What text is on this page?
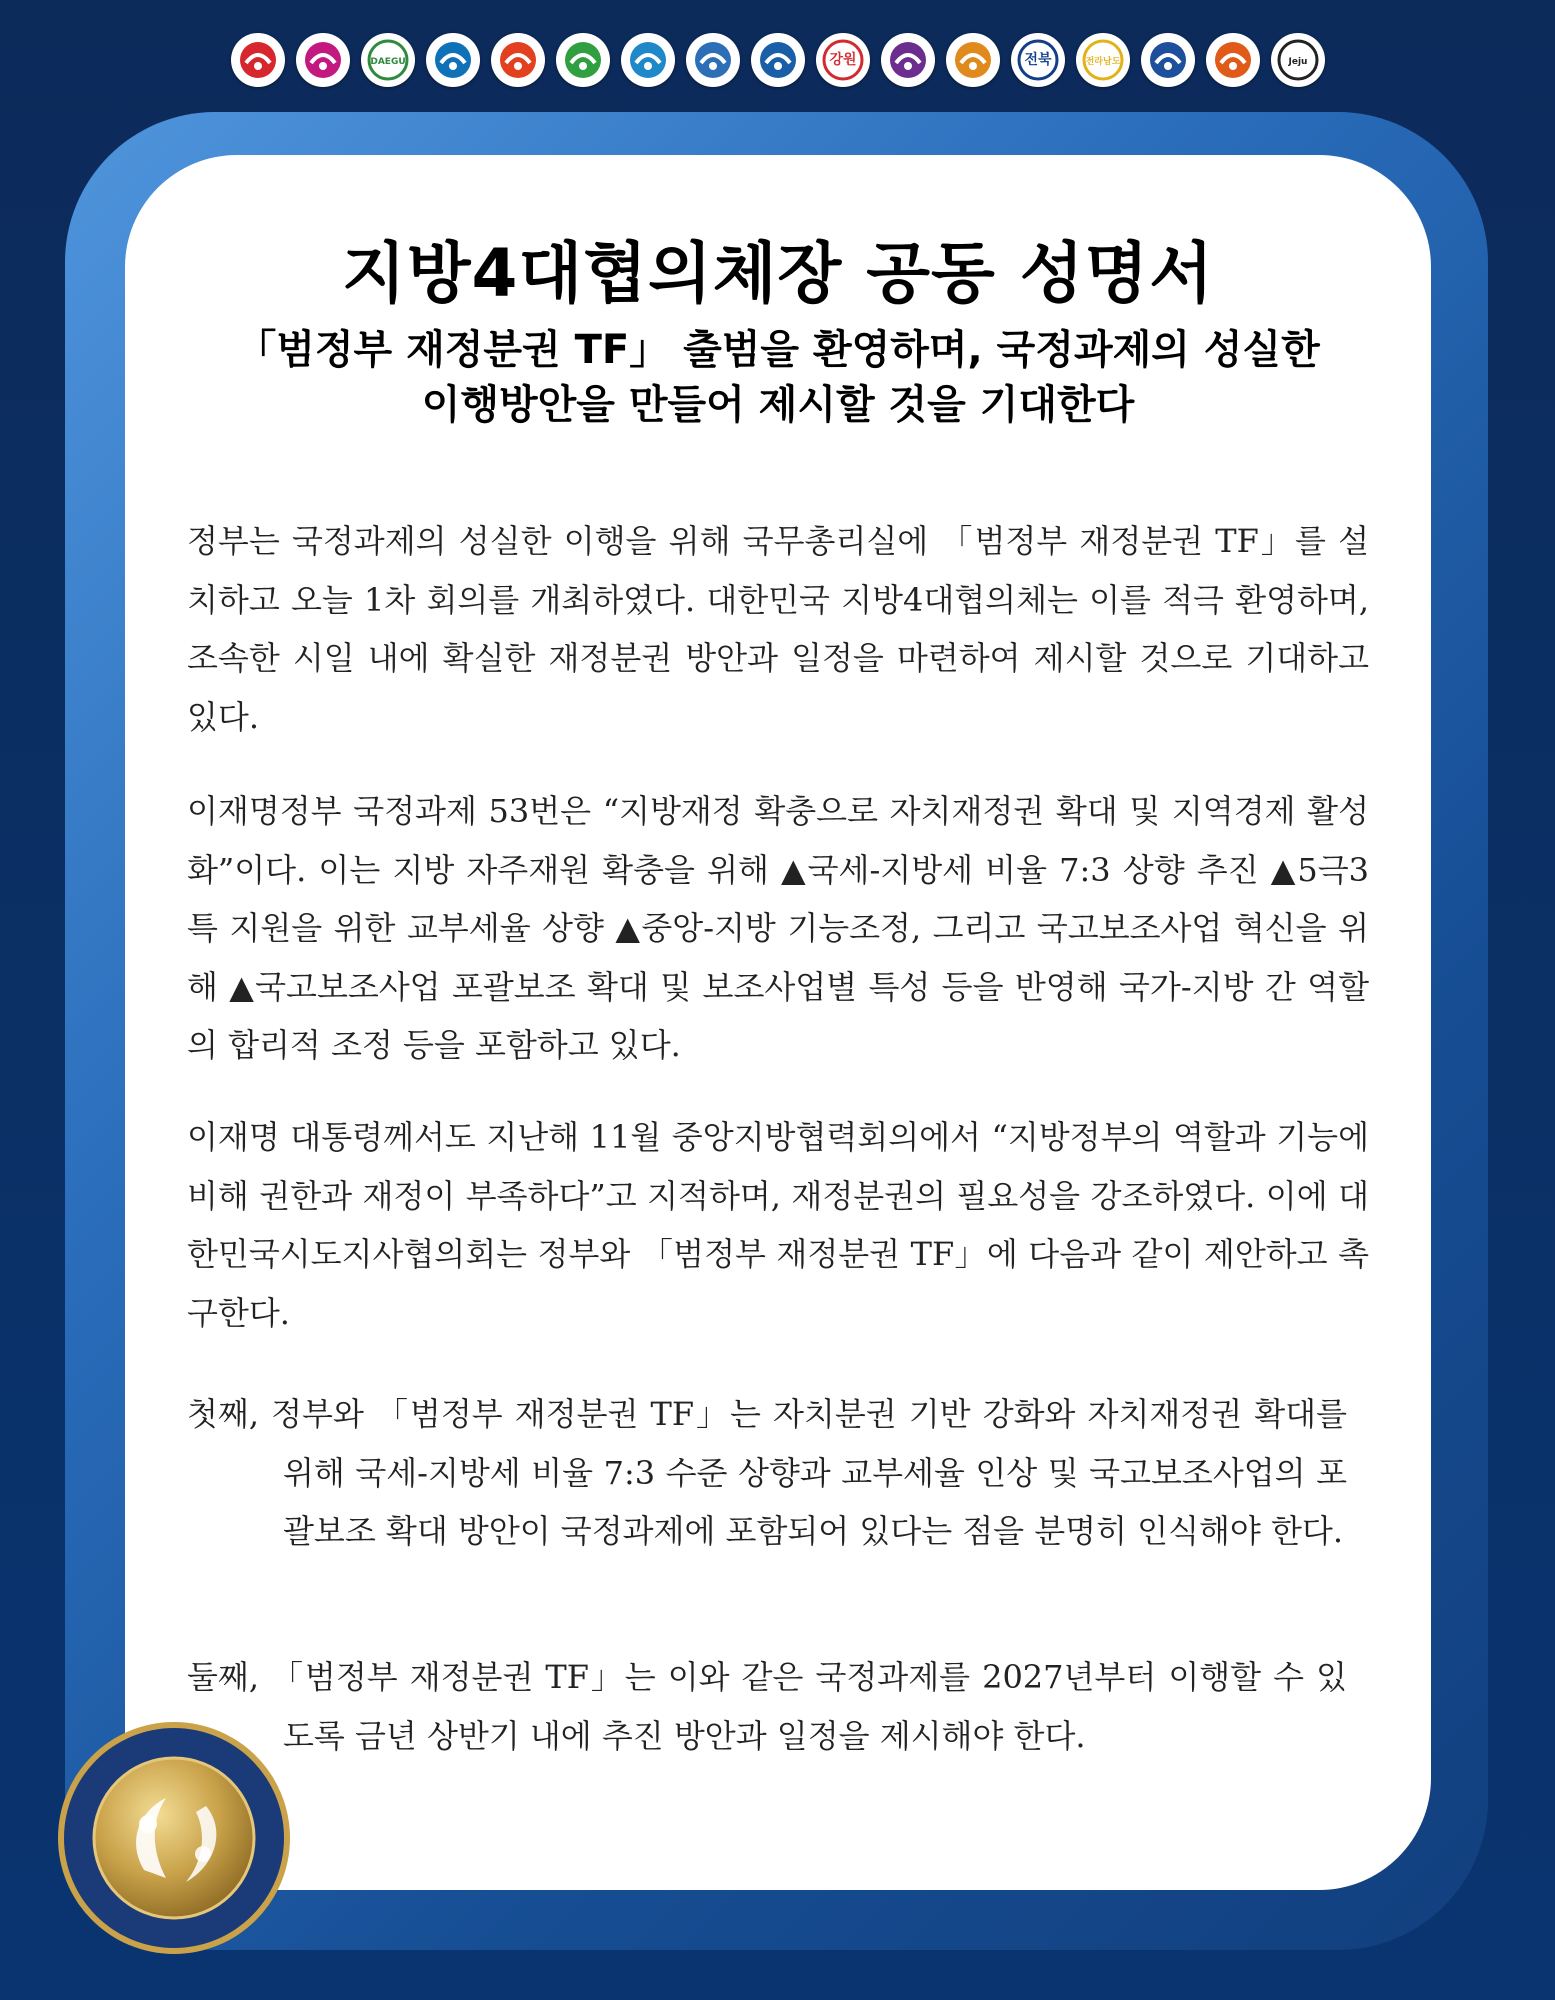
DAEGU	강원	전북	전라남도	Jeju
지방4대협의체장 공동 성명서
「범정부 재정분권 TF」 출범을 환영하며, 국정과제의 성실한
이행방안을 만들어 제시할 것을 기대한다

정부는 국정과제의 성실한 이행을 위해 국무총리실에 「범정부 재정분권 TF」를 설치하고 오늘 1차 회의를 개최하였다. 대한민국 지방4대협의체는 이를 적극 환영하며, 조속한 시일 내에 확실한 재정분권 방안과 일정을 마련하여 제시할 것으로 기대하고 있다.

이재명정부 국정과제 53번은 “지방재정 확충으로 자치재정권 확대 및 지역경제 활성화”이다. 이는 지방 자주재원 확충을 위해 ▲국세-지방세 비율 7:3 상향 추진 ▲5극3특 지원을 위한 교부세율 상향 ▲중앙-지방 기능조정, 그리고 국고보조사업 혁신을 위해 ▲국고보조사업 포괄보조 확대 및 보조사업별 특성 등을 반영해 국가-지방 간 역할의 합리적 조정 등을 포함하고 있다.

이재명 대통령께서도 지난해 11월 중앙지방협력회의에서 “지방정부의 역할과 기능에 비해 권한과 재정이 부족하다”고 지적하며, 재정분권의 필요성을 강조하였다. 이에 대한민국시도지사협의회는 정부와 「범정부 재정분권 TF」에 다음과 같이 제안하고 촉구한다.

첫째, 정부와 「범정부 재정분권 TF」는 자치분권 기반 강화와 자치재정권 확대를 위해 국세-지방세 비율 7:3 수준 상향과 교부세율 인상 및 국고보조사업의 포괄보조 확대 방안이 국정과제에 포함되어 있다는 점을 분명히 인식해야 한다.
둘째, 「범정부 재정분권 TF」는 이와 같은 국정과제를 2027년부터 이행할 수 있도록 금년 상반기 내에 추진 방안과 일정을 제시해야 한다.
